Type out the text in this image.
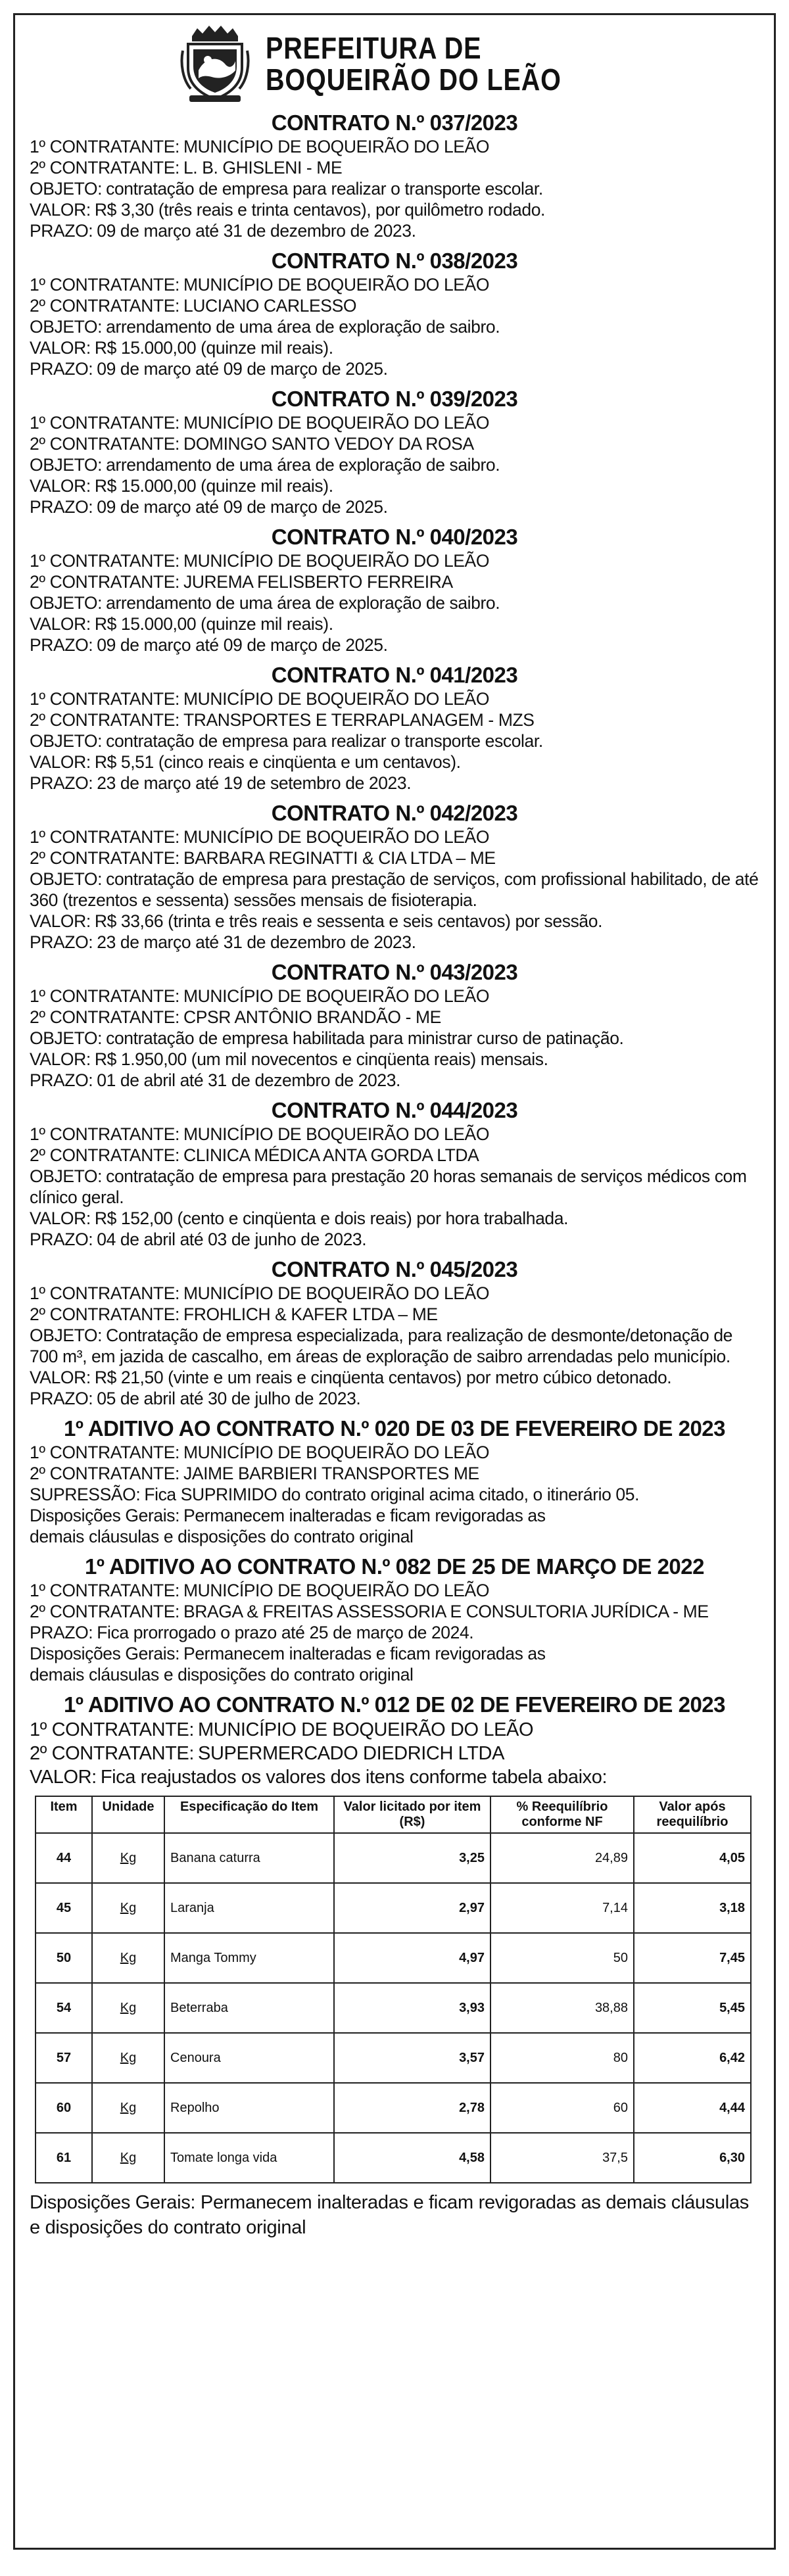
PREFEITURA DE
BOQUEIRÃO DO LEÃO
CONTRATO N.º 037/2023
1º CONTRATANTE: MUNICÍPIO DE BOQUEIRÃO DO LEÃO
2º CONTRATANTE: L. B. GHISLENI - ME
OBJETO: contratação de empresa para realizar o transporte escolar.
VALOR: R$ 3,30 (três reais e trinta centavos), por quilômetro rodado.
PRAZO: 09 de março até 31 de dezembro de 2023.
CONTRATO N.º 038/2023
1º CONTRATANTE: MUNICÍPIO DE BOQUEIRÃO DO LEÃO
2º CONTRATANTE: LUCIANO CARLESSO
OBJETO: arrendamento de uma área de exploração de saibro.
VALOR: R$ 15.000,00 (quinze mil reais).
PRAZO: 09 de março até 09 de março de 2025.
CONTRATO N.º 039/2023
1º CONTRATANTE: MUNICÍPIO DE BOQUEIRÃO DO LEÃO
2º CONTRATANTE: DOMINGO SANTO VEDOY DA ROSA
OBJETO: arrendamento de uma área de exploração de saibro.
VALOR: R$ 15.000,00 (quinze mil reais).
PRAZO: 09 de março até 09 de março de 2025.
CONTRATO N.º 040/2023
1º CONTRATANTE: MUNICÍPIO DE BOQUEIRÃO DO LEÃO
2º CONTRATANTE: JUREMA FELISBERTO FERREIRA
OBJETO: arrendamento de uma área de exploração de saibro.
VALOR: R$ 15.000,00 (quinze mil reais).
PRAZO: 09 de março até 09 de março de 2025.
CONTRATO N.º 041/2023
1º CONTRATANTE: MUNICÍPIO DE BOQUEIRÃO DO LEÃO
2º CONTRATANTE: TRANSPORTES E TERRAPLANAGEM - MZS
OBJETO: contratação de empresa para realizar o transporte escolar.
VALOR: R$ 5,51 (cinco reais e cinqüenta e um centavos).
PRAZO: 23 de março até 19 de setembro de 2023.
CONTRATO N.º 042/2023
1º CONTRATANTE: MUNICÍPIO DE BOQUEIRÃO DO LEÃO
2º CONTRATANTE: BARBARA REGINATTI & CIA LTDA – ME
OBJETO: contratação de empresa para prestação de serviços, com profissional habilitado, de até 360 (trezentos e sessenta) sessões mensais de fisioterapia.
VALOR: R$ 33,66 (trinta e três reais e sessenta e seis centavos) por sessão.
PRAZO: 23 de março até 31 de dezembro de 2023.
CONTRATO N.º 043/2023
1º CONTRATANTE: MUNICÍPIO DE BOQUEIRÃO DO LEÃO
2º CONTRATANTE: CPSR ANTÔNIO BRANDÃO - ME
OBJETO: contratação de empresa habilitada para ministrar curso de patinação.
VALOR: R$ 1.950,00 (um mil novecentos e cinqüenta reais) mensais.
PRAZO: 01 de abril até 31 de dezembro de 2023.
CONTRATO N.º 044/2023
1º CONTRATANTE: MUNICÍPIO DE BOQUEIRÃO DO LEÃO
2º CONTRATANTE: CLINICA MÉDICA ANTA GORDA LTDA
OBJETO: contratação de empresa para prestação 20 horas semanais de serviços médicos com clínico geral.
VALOR: R$ 152,00 (cento e cinqüenta e dois reais) por hora trabalhada.
PRAZO: 04 de abril até 03 de junho de 2023.
CONTRATO N.º 045/2023
1º CONTRATANTE: MUNICÍPIO DE BOQUEIRÃO DO LEÃO
2º CONTRATANTE: FROHLICH & KAFER LTDA – ME
OBJETO: Contratação de empresa especializada, para realização de desmonte/detonação de 700 m³, em jazida de cascalho, em áreas de exploração de saibro arrendadas pelo município.
VALOR: R$ 21,50 (vinte e um reais e cinqüenta centavos) por metro cúbico detonado.
PRAZO: 05 de abril até 30 de julho de 2023.
1º ADITIVO AO CONTRATO N.º 020 DE 03 DE FEVEREIRO DE 2023
1º CONTRATANTE: MUNICÍPIO DE BOQUEIRÃO DO LEÃO
2º CONTRATANTE: JAIME BARBIERI TRANSPORTES ME
SUPRESSÃO: Fica SUPRIMIDO do contrato original acima citado, o itinerário 05.
Disposições Gerais: Permanecem inalteradas e ficam revigoradas as
demais cláusulas e disposições do contrato original
1º ADITIVO AO CONTRATO N.º 082 DE 25 DE MARÇO DE 2022
1º CONTRATANTE: MUNICÍPIO DE BOQUEIRÃO DO LEÃO
2º CONTRATANTE: BRAGA & FREITAS ASSESSORIA E CONSULTORIA JURÍDICA - ME
PRAZO: Fica prorrogado o prazo até 25 de março de 2024.
Disposições Gerais: Permanecem inalteradas e ficam revigoradas as
demais cláusulas e disposições do contrato original
1º ADITIVO AO CONTRATO N.º 012 DE 02 DE FEVEREIRO DE 2023
1º CONTRATANTE: MUNICÍPIO DE BOQUEIRÃO DO LEÃO
2º CONTRATANTE: SUPERMERCADO DIEDRICH LTDA
VALOR: Fica reajustados os valores dos itens conforme tabela abaixo:
Item	Unidade	Especificação do Item	Valor licitado por item (R$)	% Reequilíbrio conforme NF	Valor após reequilíbrio
44	Kg	Banana caturra	3,25	24,89	4,05
45	Kg	Laranja	2,97	7,14	3,18
50	Kg	Manga Tommy	4,97	50	7,45
54	Kg	Beterraba	3,93	38,88	5,45
57	Kg	Cenoura	3,57	80	6,42
60	Kg	Repolho	2,78	60	4,44
61	Kg	Tomate longa vida	4,58	37,5	6,30
Disposições Gerais: Permanecem inalteradas e ficam revigoradas as demais cláusulas e disposições do contrato original
